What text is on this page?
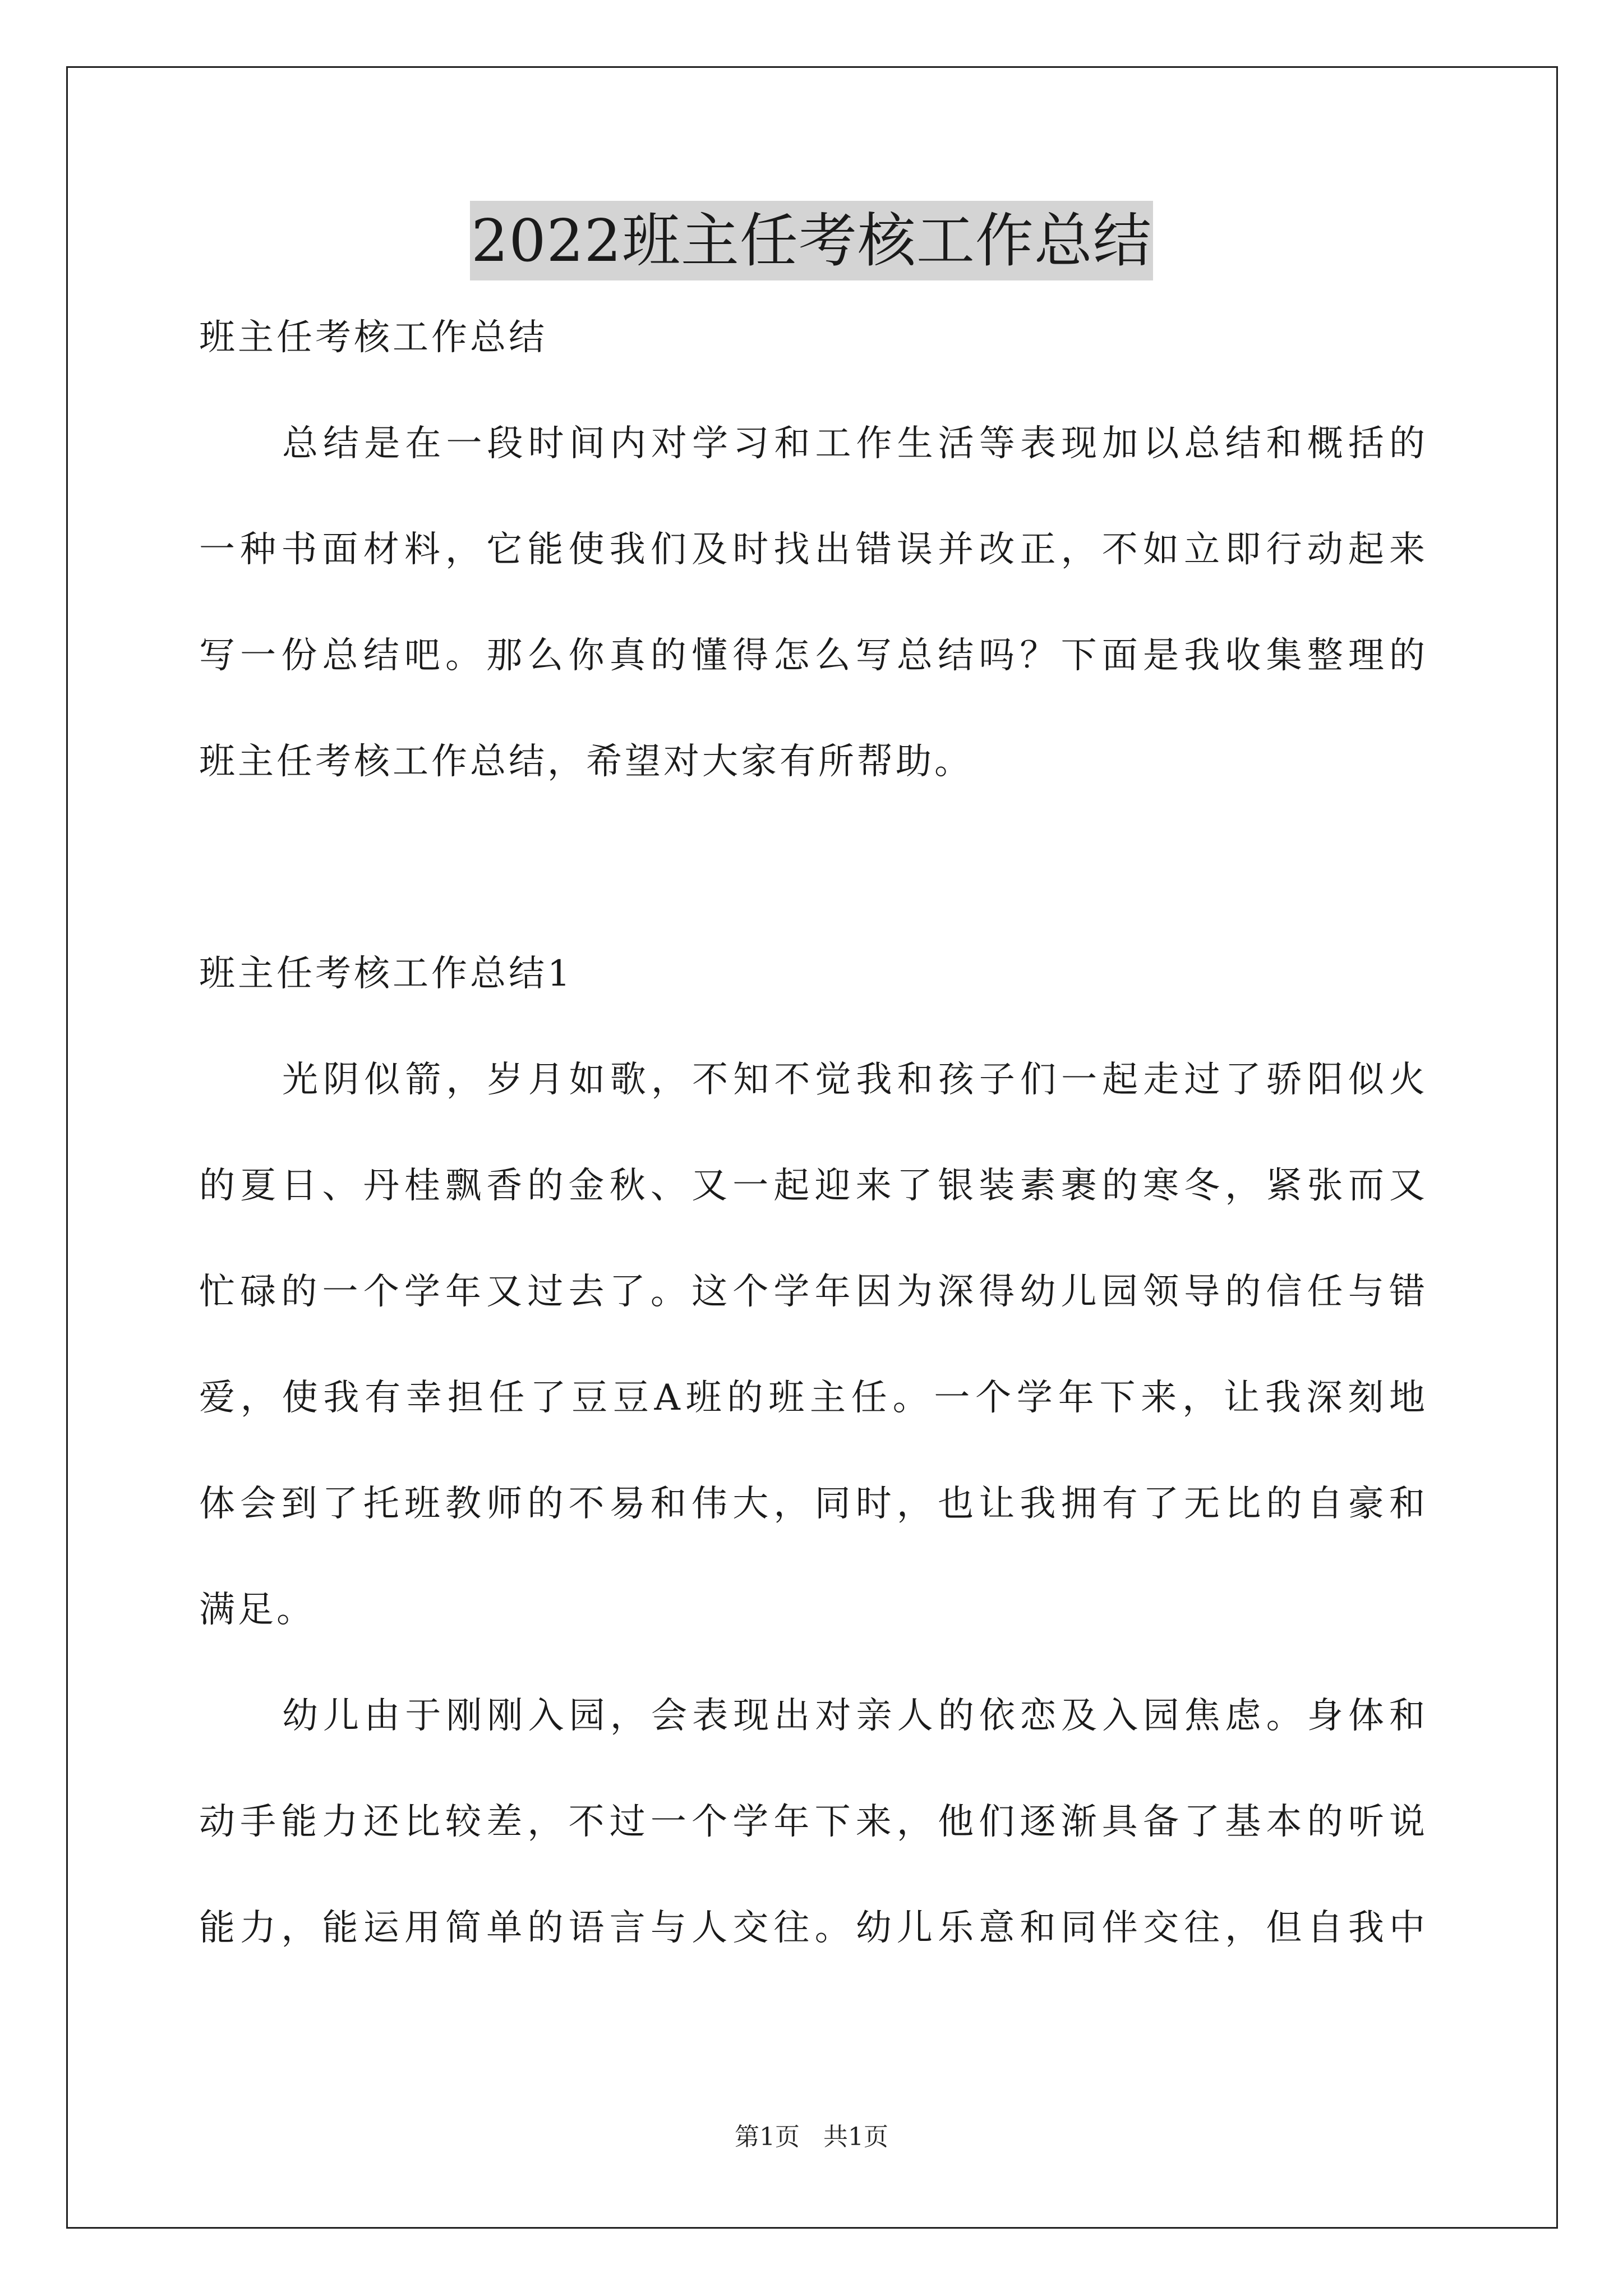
2022班主任考核工作总结
班主任考核工作总结
总结是在一段时间内对学习和工作生活等表现加以总结和概括的
一种书面材料，它能使我们及时找出错误并改正，不如立即行动起来
写一份总结吧。那么你真的懂得怎么写总结吗？下面是我收集整理的
班主任考核工作总结，希望对大家有所帮助。
班主任考核工作总结1
光阴似箭，岁月如歌，不知不觉我和孩子们一起走过了骄阳似火
的夏日、丹桂飘香的金秋、又一起迎来了银装素裹的寒冬，紧张而又
忙碌的一个学年又过去了。这个学年因为深得幼儿园领导的信任与错
爱，使我有幸担任了豆豆A班的班主任。一个学年下来，让我深刻地
体会到了托班教师的不易和伟大，同时，也让我拥有了无比的自豪和
满足。
幼儿由于刚刚入园，会表现出对亲人的依恋及入园焦虑。身体和
动手能力还比较差，不过一个学年下来，他们逐渐具备了基本的听说
能力，能运用简单的语言与人交往。幼儿乐意和同伴交往，但自我中
第1页 共1页
